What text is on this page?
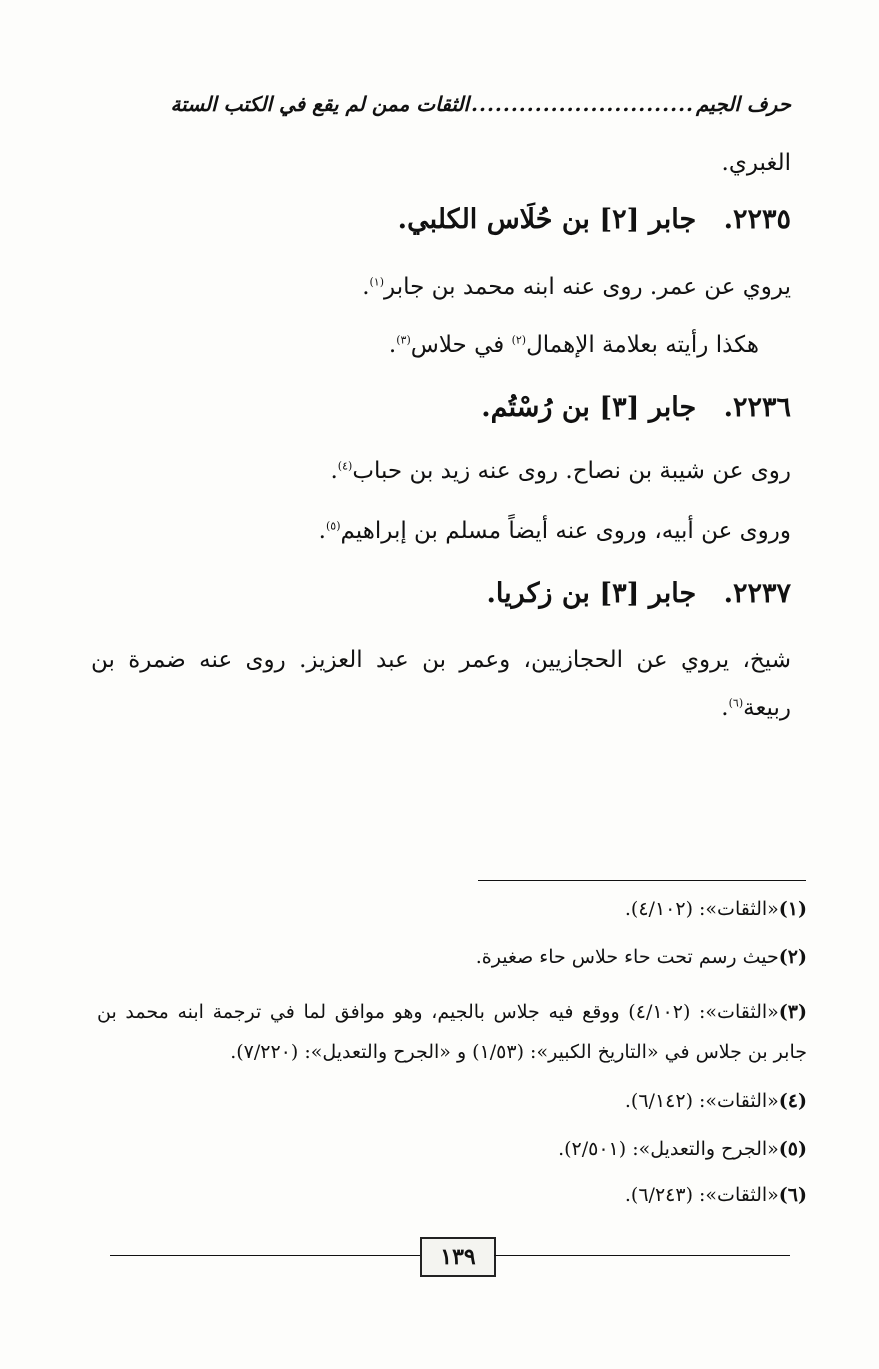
حرف الجيم
............................
الثقات ممن لم يقع في الكتب الستة
الغبري.
٢٢٣٥. جابر [٢] بن حُلَاس الكلبي.
يروي عن عمر. روى عنه ابنه محمد بن جابر$^{(١)}$.
هكذا رأيته بعلامة الإهمال$^{(٢)}$ في حلاس$^{(٣)}$.
٢٢٣٦. جابر [٣] بن رُسْتُم.
روى عن شيبة بن نصاح. روى عنه زيد بن حباب$^{(٤)}$.
وروى عن أبيه، وروى عنه أيضاً مسلم بن إبراهيم$^{(٥)}$.
٢٢٣٧. جابر [٣] بن زكريا.
شيخ، يروي عن الحجازيين، وعمر بن عبد العزيز. روى عنه ضمرة بن ربيعة$^{(٦)}$.
(١)«الثقات»: (٤/١٠٢).
(٢)حيث رسم تحت حاء حلاس حاء صغيرة.
(٣)«الثقات»: (٤/١٠٢) ووقع فيه جلاس بالجيم، وهو موافق لما في ترجمة ابنه محمد بن جابر بن جلاس في «التاريخ الكبير»: (١/٥٣) و «الجرح والتعديل»: (٧/٢٢٠).
(٤)«الثقات»: (٦/١٤٢).
(٥)«الجرح والتعديل»: (٢/٥٠١).
(٦)«الثقات»: (٦/٢٤٣).
١٣٩
